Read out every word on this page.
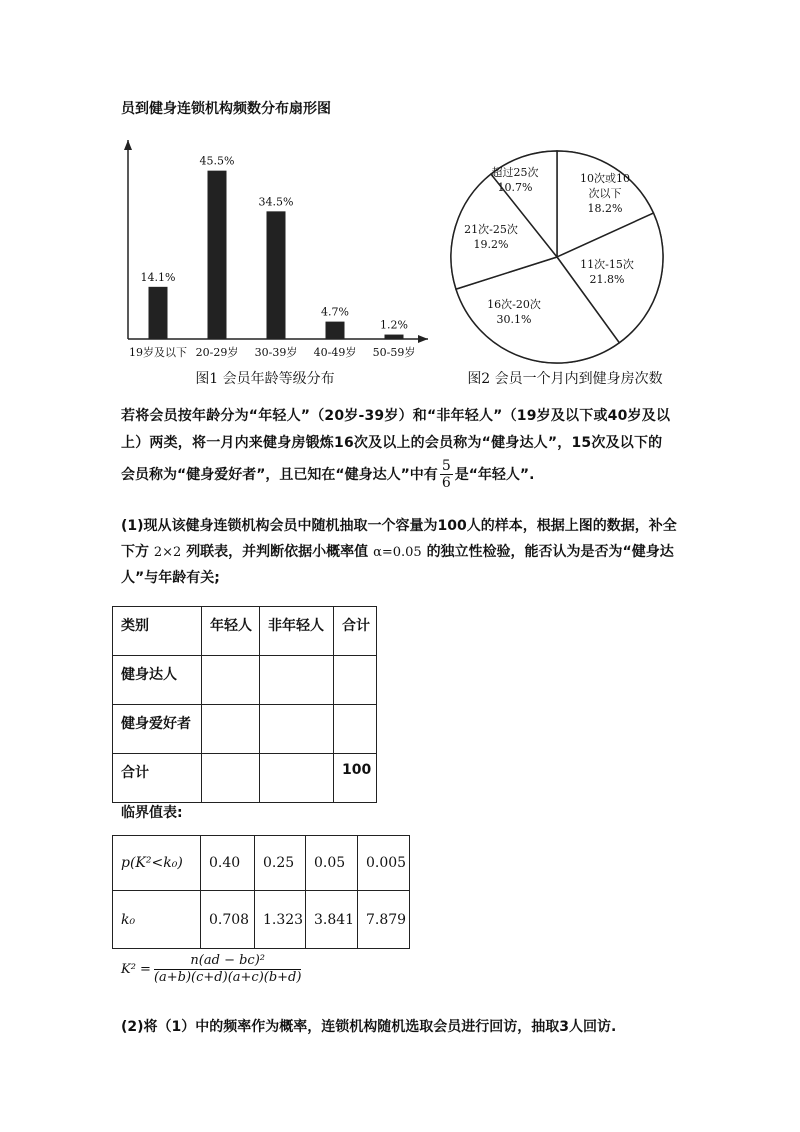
员到健身连锁机构频数分布扇形图
14.1%
19岁及以下
45.5%
20-29岁
34.5%
30-39岁
4.7%
40-49岁
1.2%
50-59岁
图1 会员年龄等级分布
10次或10 次以下 18.2%
11次-15次 21.8%
16次-20次 30.1%
21次-25次 19.2%
超过25次 10.7%
图2 会员一个月内到健身房次数
若将会员按年龄分为“年轻人”（20岁-39岁）和“非年轻人”（19岁及以下或40岁及以
上）两类，将一月内来健身房锻炼16次及以上的会员称为“健身达人”，15次及以下的
会员称为“健身爱好者”，且已知在“健身达人”中有 $\frac{5}{6}$ 是“年轻人”.
(1)现从该健身连锁机构会员中随机抽取一个容量为100人的样本，根据上图的数据，补全
下方 2×2 列联表，并判断依据小概率值 α=0.05 的独立性检验，能否认为是否为“健身达
人”与年龄有关;
类别	年轻人	非年轻人	合计
健身达人			
健身爱好者			
合计			100
临界值表:
p(K²<k₀)	0.40	0.25	0.05	0.005
k₀	0.708	1.323	3.841	7.879
$K^2 = \frac{\text{n(ad − bc)²}}{(a+b)(c+d)(a+c)(b+d)}$
(2)将（1）中的频率作为概率，连锁机构随机选取会员进行回访，抽取3人回访.
